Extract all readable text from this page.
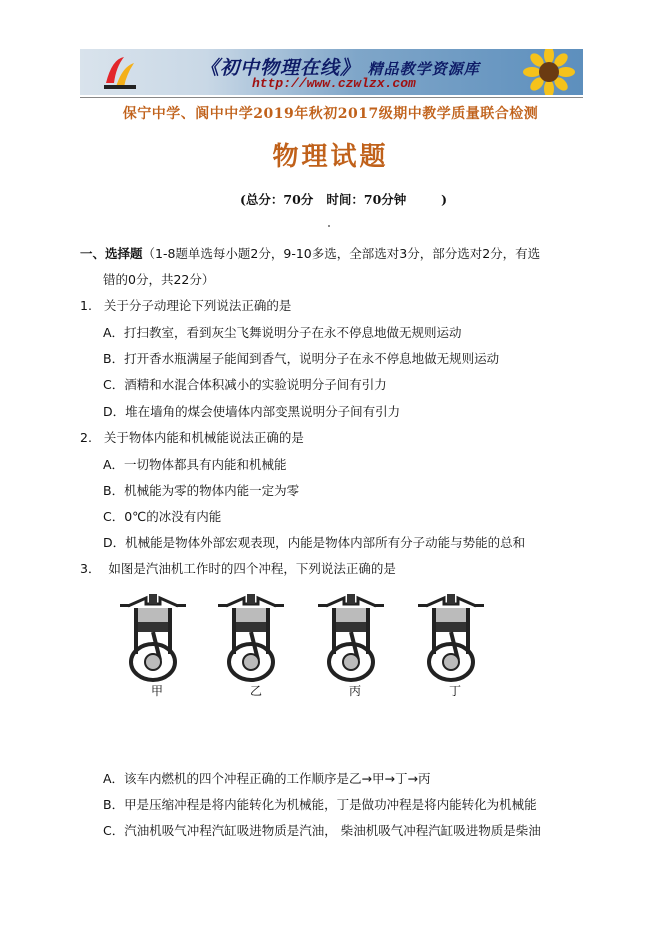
《初中物理在线》 精品教学资源库
http://www.czwlzx.com
保宁中学、阆中中学2019年秋初2017级期中教学质量联合检测
物理试题
(总分：70分   时间：70分钟        )
一、选择题（1-8题单选每小题2分，9-10多选，全部选对3分，部分选对2分，有选
错的0分，共22分）
1. 关于分子动理论下列说法正确的是
A．打扫教室，看到灰尘飞舞说明分子在永不停息地做无规则运动
B．打开香水瓶满屋子能闻到香气，说明分子在永不停息地做无规则运动
C．酒精和水混合体积减小的实验说明分子间有引力
D．堆在墙角的煤会使墙体内部变黑说明分子间有引力
2. 关于物体内能和机械能说法正确的是
A．一切物体都具有内能和机械能
B．机械能为零的物体内能一定为零
C．0℃的冰没有内能
D．机械能是物体外部宏观表现，内能是物体内部所有分子动能与势能的总和
3． 如图是汽油机工作时的四个冲程，下列说法正确的是
甲	乙	丙	丁
A．该车内燃机的四个冲程正确的工作顺序是乙→甲→丁→丙
B．甲是压缩冲程是将内能转化为机械能，丁是做功冲程是将内能转化为机械能
C．汽油机吸气冲程汽缸吸进物质是汽油， 柴油机吸气冲程汽缸吸进物质是柴油
